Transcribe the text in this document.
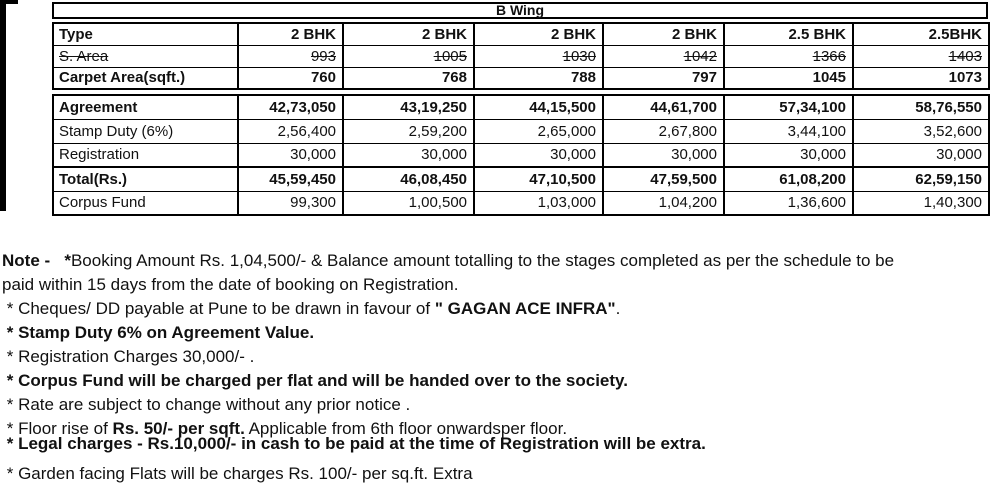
B Wing
Type	2 BHK	2 BHK	2 BHK	2 BHK	2.5 BHK	2.5BHK
S. Area	993	1005	1030	1042	1366	1403
Carpet Area(sqft.)	760	768	788	797	1045	1073
Agreement	42,73,050	43,19,250	44,15,500	44,61,700	57,34,100	58,76,550
Stamp Duty (6%)	2,56,400	2,59,200	2,65,000	2,67,800	3,44,100	3,52,600
Registration	30,000	30,000	30,000	30,000	30,000	30,000
Total(Rs.)	45,59,450	46,08,450	47,10,500	47,59,500	61,08,200	62,59,150
Corpus Fund	99,300	1,00,500	1,03,000	1,04,200	1,36,600	1,40,300
Note -   *Booking Amount Rs. 1,04,500/- & Balance amount totalling to the stages completed as per the schedule to be
paid within 15 days from the date of booking on Registration.
* Cheques/ DD payable at Pune to be drawn in favour of " GAGAN ACE INFRA".
* Stamp Duty 6% on Agreement Value.
* Registration Charges 30,000/- .
* Corpus Fund will be charged per flat and will be handed over to the society.
* Rate are subject to change without any prior notice .
* Floor rise of Rs. 50/- per sqft. Applicable from 6th floor onwardsper floor.
* Legal charges - Rs.10,000/- in cash to be paid at the time of Registration will be extra.
* Garden facing Flats will be charges Rs. 100/- per sq.ft. Extra
